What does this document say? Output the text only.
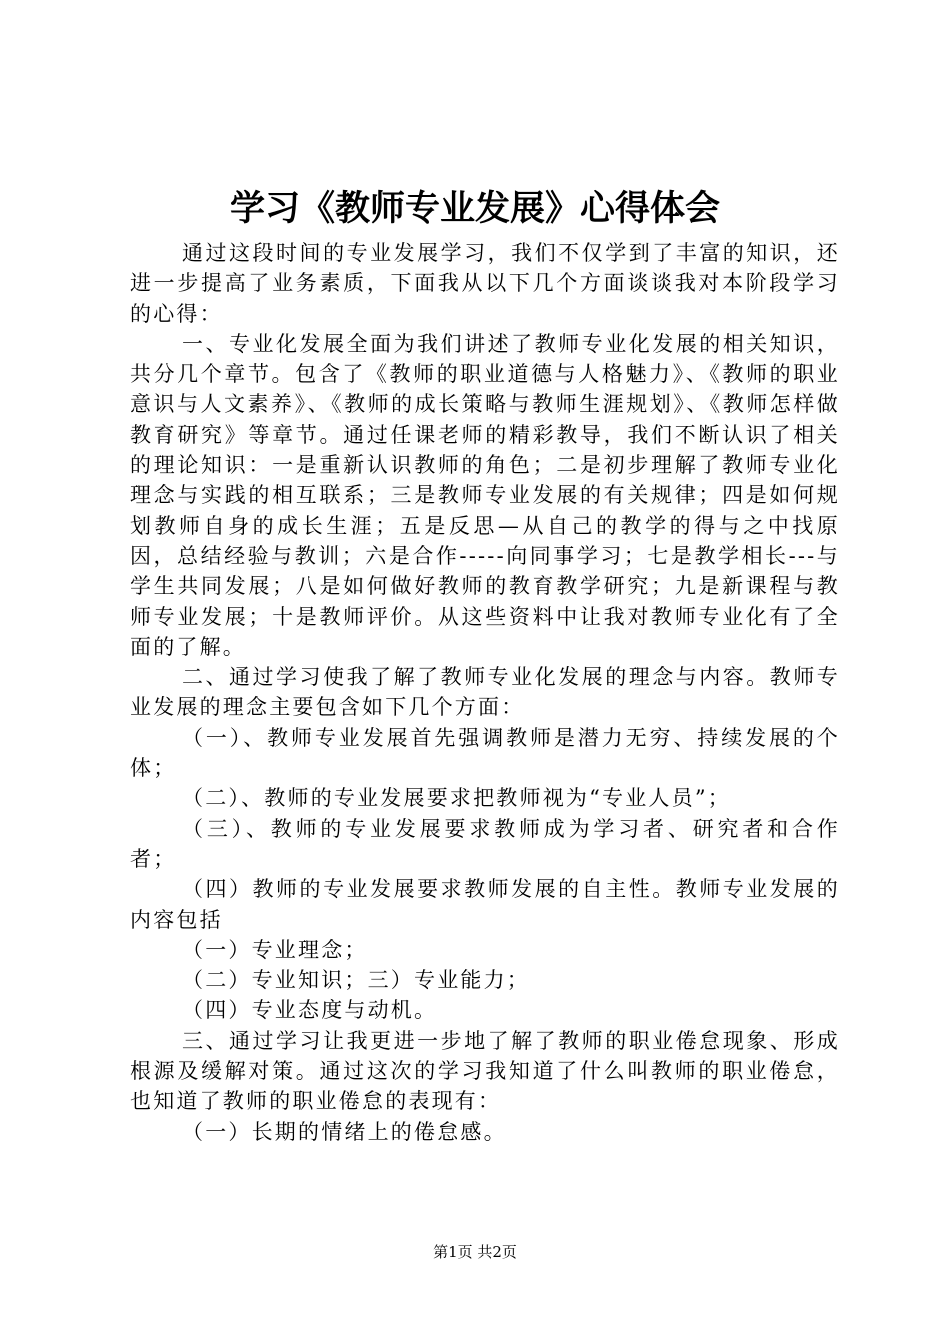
学习《教师专业发展》心得体会

通过这段时间的专业发展学习，我们不仅学到了丰富的知识，还进一步提高了业务素质，下面我从以下几个方面谈谈我对本阶段学习的心得：

一、专业化发展全面为我们讲述了教师专业化发展的相关知识，共分几个章节。包含了《教师的职业道德与人格魅力》、《教师的职业意识与人文素养》、《教师的成长策略与教师生涯规划》、《教师怎样做教育研究》等章节。通过任课老师的精彩教导，我们不断认识了相关的理论知识：一是重新认识教师的角色；二是初步理解了教师专业化理念与实践的相互联系；三是教师专业发展的有关规律；四是如何规划教师自身的成长生涯；五是反思—从自己的教学的得与之中找原因，总结经验与教训；六是合作-----向同事学习；七是教学相长---与学生共同发展；八是如何做好教师的教育教学研究；九是新课程与教师专业发展；十是教师评价。从这些资料中让我对教师专业化有了全面的了解。

二、通过学习使我了解了教师专业化发展的理念与内容。教师专业发展的理念主要包含如下几个方面：

（一）、教师专业发展首先强调教师是潜力无穷、持续发展的个体；

（二）、教师的专业发展要求把教师视为“专业人员”；

（三）、教师的专业发展要求教师成为学习者、研究者和合作者；

（四）教师的专业发展要求教师发展的自主性。教师专业发展的内容包括

（一）专业理念；

（二）专业知识；三）专业能力；

（四）专业态度与动机。

三、通过学习让我更进一步地了解了教师的职业倦怠现象、形成根源及缓解对策。通过这次的学习我知道了什么叫教师的职业倦怠，也知道了教师的职业倦怠的表现有：

（一）长期的情绪上的倦怠感。

第1页 共2页
